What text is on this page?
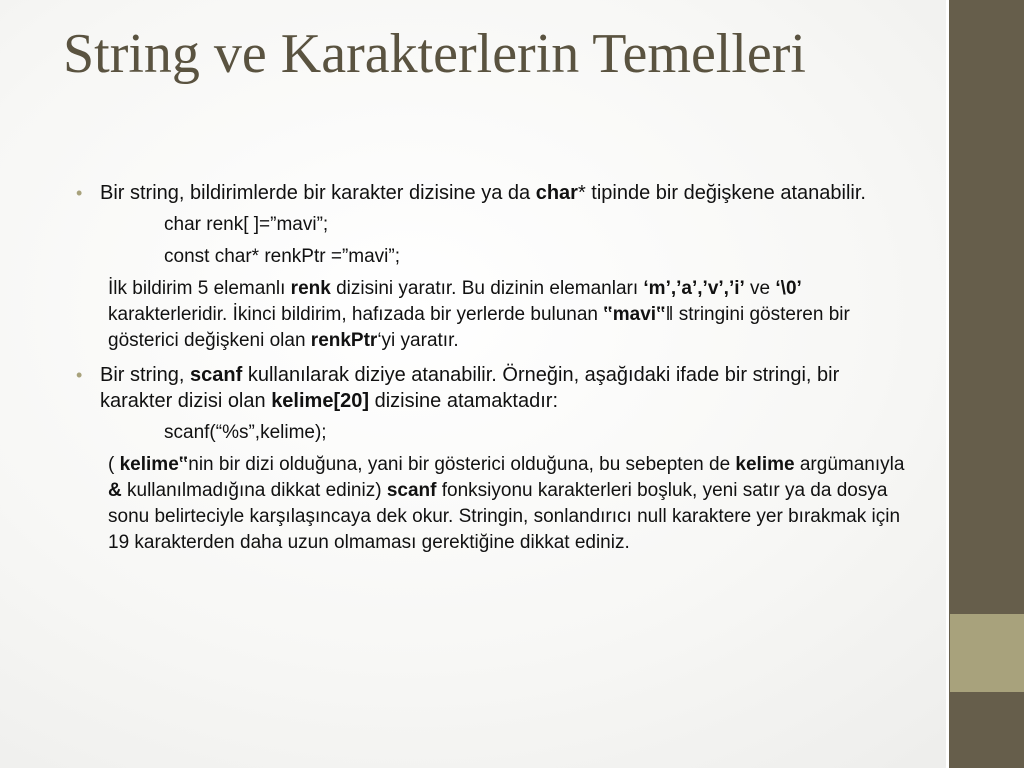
String ve Karakterlerin Temelleri

• Bir string, bildirimlerde bir karakter dizisine ya da char* tipinde bir değişkene atanabilir.

char renk[ ]=”mavi”;

const char* renkPtr =”mavi”;

İlk bildirim 5 elemanlı renk dizisini yaratır. Bu dizinin elemanları ‘m’,’a’,’v’,’i’ ve ‘\0’ karakterleridir. İkinci bildirim, hafızada bir yerlerde bulunan ‟mavi‟‖ stringini gösteren bir gösterici değişkeni olan renkPtr‘yi yaratır.

• Bir string, scanf kullanılarak diziye atanabilir. Örneğin, aşağıdaki ifade bir stringi, bir karakter dizisi olan kelime[20] dizisine atamaktadır:

scanf(“%s”,kelime);

( kelime‟nin bir dizi olduğuna, yani bir gösterici olduğuna, bu sebepten de kelime argümanıyla & kullanılmadığına dikkat ediniz) scanf fonksiyonu karakterleri boşluk, yeni satır ya da dosya sonu belirteciyle karşılaşıncaya dek okur. Stringin, sonlandırıcı null karaktere yer bırakmak için 19 karakterden daha uzun olmaması gerektiğine dikkat ediniz.
